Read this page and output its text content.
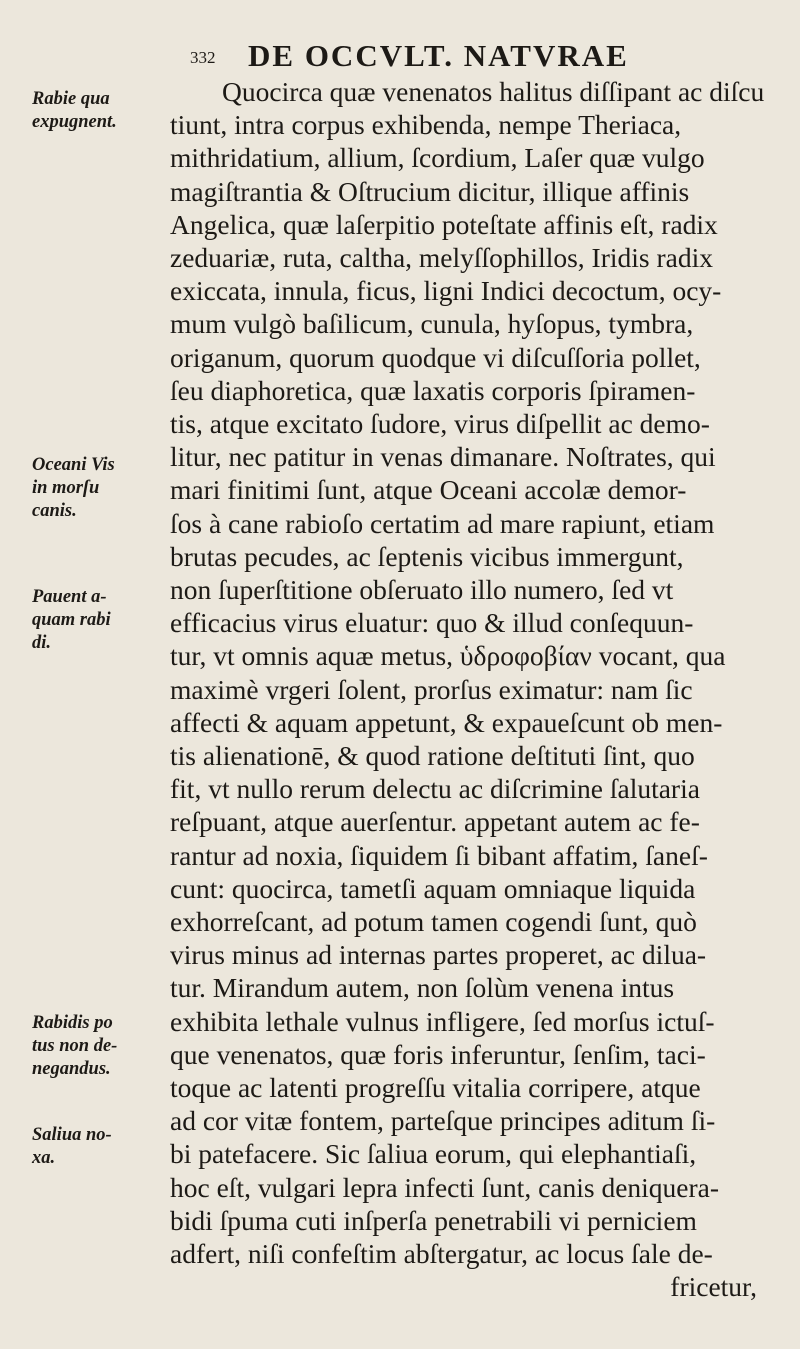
332 DE OCCVLT. NATVRAE
Rabie qua
expugnent.
Oceani Vis
in morſu
canis.
Pauent a-
quam rabi
di.
Rabidis po
tus non de-
negandus.
Saliua no-
xa.
Quocirca quæ venenatos halitus diſſipant ac diſcu
tiunt, intra corpus exhibenda, nempe Theriaca,
mithridatium, allium, ſcordium, Laſer quæ vulgo
magiſtrantia & Oſtrucium dicitur, illique affinis
Angelica, quæ laſerpitio poteſtate affinis eſt, radix
zeduariæ, ruta, caltha, melyſſophillos, Iridis radix
exiccata, innula, ficus, ligni Indici decoctum, ocy-
mum vulgò baſilicum, cunula, hyſopus, tymbra,
origanum, quorum quodque vi diſcuſſoria pollet,
ſeu diaphoretica, quæ laxatis corporis ſpiramen-
tis, atque excitato ſudore, virus diſpellit ac demo-
litur, nec patitur in venas dimanare. Noſtrates, qui
mari finitimi ſunt, atque Oceani accolæ demor-
ſos à cane rabioſo certatim ad mare rapiunt, etiam
brutas pecudes, ac ſeptenis vicibus immergunt,
non ſuperſtitione obſeruato illo numero, ſed vt
efficacius virus eluatur: quo & illud conſequun-
tur, vt omnis aquæ metus, ὑδροφοβίαν vocant, qua
maximè vrgeri ſolent, prorſus eximatur: nam ſic
affecti & aquam appetunt, & expaueſcunt ob men-
tis alienationē, & quod ratione deſtituti ſint, quo
fit, vt nullo rerum delectu ac diſcrimine ſalutaria
reſpuant, atque auerſentur. appetant autem ac fe-
rantur ad noxia, ſiquidem ſi bibant affatim, ſaneſ-
cunt: quocirca, tametſi aquam omniaque liquida
exhorreſcant, ad potum tamen cogendi ſunt, quò
virus minus ad internas partes properet, ac dilua-
tur. Mirandum autem, non ſolùm venena intus
exhibita lethale vulnus infligere, ſed morſus ictuſ-
que venenatos, quæ foris inferuntur, ſenſim, taci-
toque ac latenti progreſſu vitalia corripere, atque
ad cor vitæ fontem, parteſque principes aditum ſi-
bi patefacere. Sic ſaliua eorum, qui elephantiaſi,
hoc eſt, vulgari lepra infecti ſunt, canis deniquera-
bidi ſpuma cuti inſperſa penetrabili vi perniciem
adfert, niſi confeſtim abſtergatur, ac locus ſale de-
fricetur,
